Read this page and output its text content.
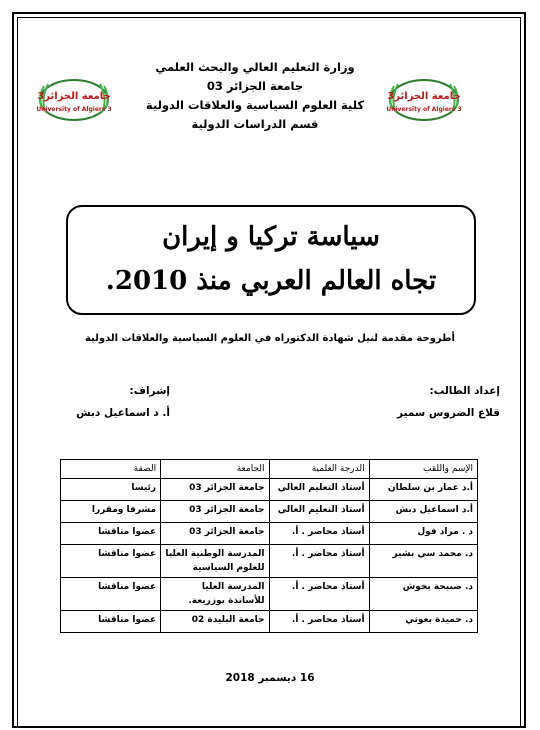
جامعة الجزائر3
University of Algiers 3
جامعة الجزائر3
University of Algiers 3
وزارة التعليم العالي والبحث العلمي
جامعة الجزائر 03
كلية العلوم السياسية والعلاقات الدولية
قسم الدراسات الدولية
سياسة تركيا و إيران
تجاه العالم العربي منذ 2010.
أطروحة مقدمة لنيل شهادة الدكتوراه في العلوم السياسية والعلاقات الدولية
إعداد الطالب:
قلاع الضروس سمير
إشراف:
أ. د اسماعيل دبش
الإسم واللقب	الدرجة العلمية	الجامعة	الصفة
أ.د عمار بن سلطان	أستاذ التعليم العالي	جامعة الجزائر 03	رئيسا
أ.د اسماعيل دبش	أستاذ التعليم العالي	جامعة الجزائر 03	مشرفا ومقررا
د . مراد فول	أستاذ محاضر . أ.	جامعة الجزائر 03	عضوا مناقشا
د. محمد سي بشير	أستاذ محاضر . أ.	المدرسة الوطنية العليا للعلوم السياسية	عضوا مناقشا
د. صبيحة بخوش	أستاذ محاضر . أ.	المدرسة العليا للأساتذة بوزريعة.	عضوا مناقشا
د. حميدة بعوني	أستاذ محاضر . أ.	جامعة البليدة 02	عضوا مناقشا
16 ديسمبر 2018
